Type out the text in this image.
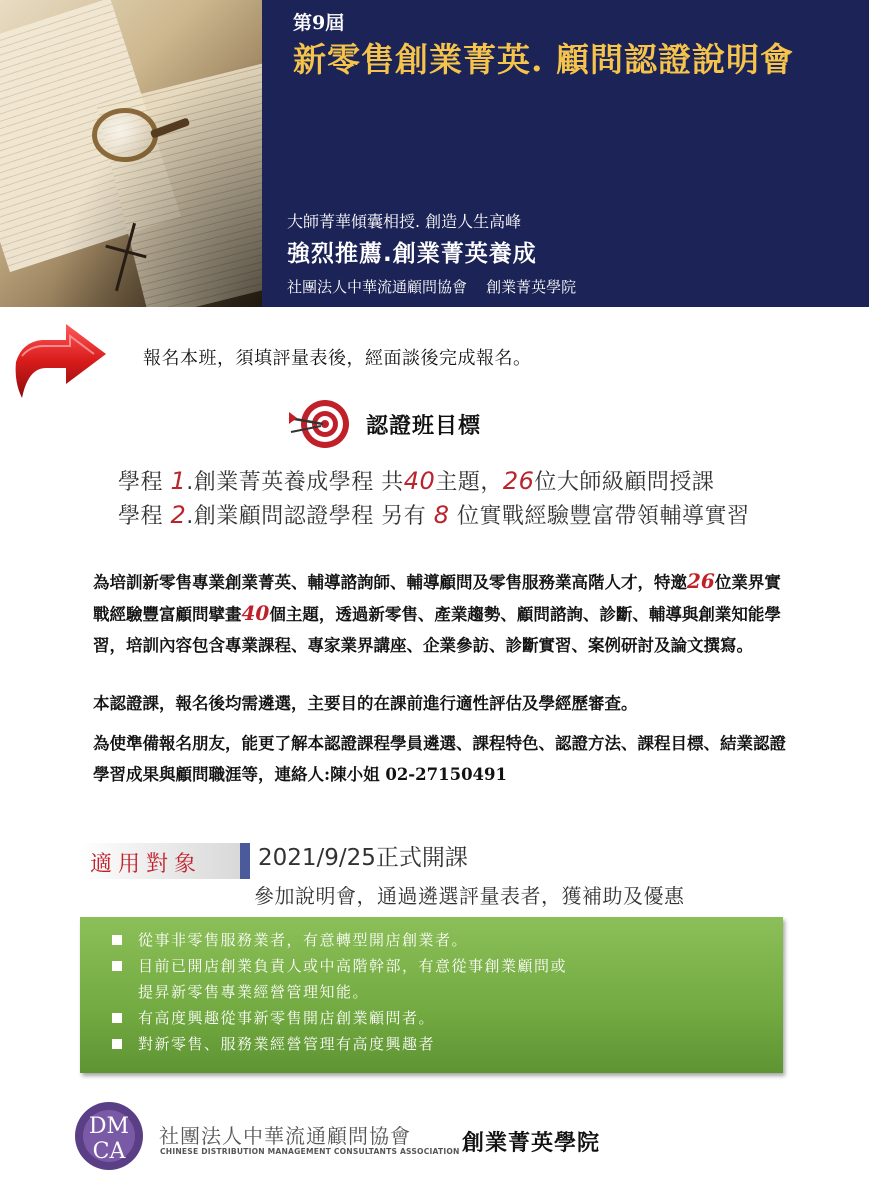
第9屆
新零售創業菁英. 顧問認證說明會
大師菁華傾囊相授. 創造人生高峰
強烈推薦.創業菁英養成
社團法人中華流通顧問協會    創業菁英學院
報名本班，須填評量表後，經面談後完成報名。
認證班目標
學程 1.創業菁英養成學程 共40主題，26位大師級顧問授課
學程 2.創業顧問認證學程 另有 8 位實戰經驗豐富帶領輔導實習
為培訓新零售專業創業菁英、輔導諮詢師、輔導顧問及零售服務業高階人才，特邀26位業界實戰經驗豐富顧問擘畫40個主題，透過新零售、產業趨勢、顧問諮詢、診斷、輔導與創業知能學習，培訓內容包含專業課程、專家業界講座、企業參訪、診斷實習、案例研討及論文撰寫。
本認證課，報名後均需遴選，主要目的在課前進行適性評估及學經歷審查。
為使準備報名朋友，能更了解本認證課程學員遴選、課程特色、認證方法、課程目標、結業認證學習成果與顧問職涯等，連絡人:陳小姐 02-27150491
適用對象 2021/9/25正式開課
參加說明會，通過遴選評量表者，獲補助及優惠
從事非零售服務業者，有意轉型開店創業者。
目前已開店創業負責人或中高階幹部，有意從事創業顧問或
提昇新零售專業經營管理知能。
有高度興趣從事新零售開店創業顧問者。
對新零售、服務業經營管理有高度興趣者
DM
CA
社團法人中華流通顧問協會
CHINESE DISTRIBUTION MANAGEMENT CONSULTANTS ASSOCIATION 創業菁英學院
